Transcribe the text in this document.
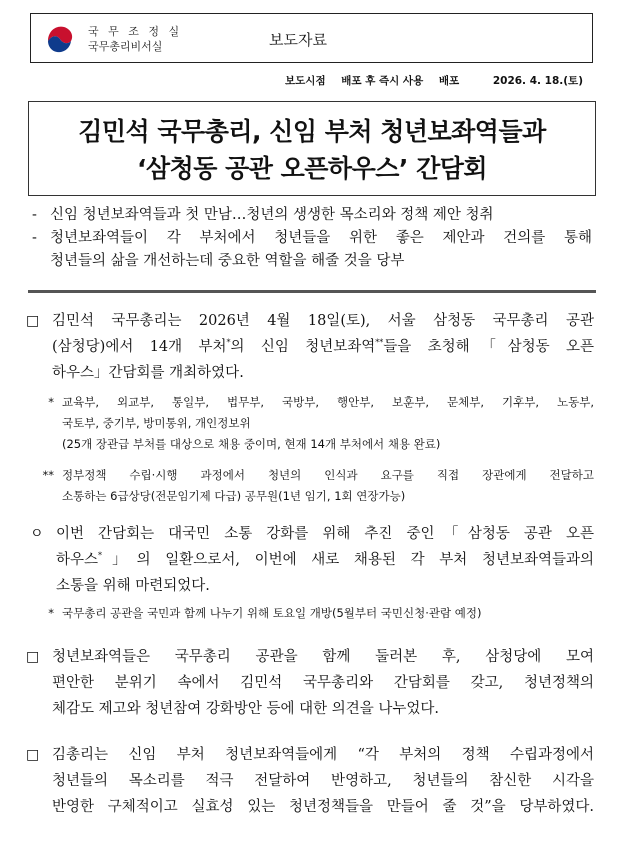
국 무 조 정 실
국무총리비서실	보도자료
보도시점 배포 후 즉시 사용 배포	2026. 4. 18.(토)
김민석 국무총리, 신임 부처 청년보좌역들과
‘삼청동 공관 오픈하우스’ 간담회
- 신임 청년보좌역들과 첫 만남…청년의 생생한 목소리와 정책 제안 청취
- 청년보좌역들이 각 부처에서 청년들을 위한 좋은 제안과 건의를 통해
청년들의 삶을 개선하는데 중요한 역할을 해줄 것을 당부
□ 김민석 국무총리는 2026년 4월 18일(토), 서울 삼청동 국무총리 공관
(삼청당)에서 14개 부처*의 신임 청년보좌역**들을 초청해「삼청동 오픈
하우스」간담회를 개최하였다.
* 교육부, 외교부, 통일부, 법무부, 국방부, 행안부, 보훈부, 문체부, 기후부, 노동부,
국토부, 중기부, 방미통위, 개인정보위
(25개 장관급 부처를 대상으로 채용 중이며, 현재 14개 부처에서 채용 완료)
** 정부정책 수립·시행 과정에서 청년의 인식과 요구를 직접 장관에게 전달하고
소통하는 6급상당(전문임기제 다급) 공무원(1년 임기, 1회 연장가능)
ㅇ 이번 간담회는 대국민 소통 강화를 위해 추진 중인「삼청동 공관 오픈
하우스*」의 일환으로서, 이번에 새로 채용된 각 부처 청년보좌역들과의
소통을 위해 마련되었다.
* 국무총리 공관을 국민과 함께 나누기 위해 토요일 개방(5월부터 국민신청·관람 예정)
□ 청년보좌역들은 국무총리 공관을 함께 둘러본 후, 삼청당에 모여
편안한 분위기 속에서 김민석 국무총리와 간담회를 갖고, 청년정책의
체감도 제고와 청년참여 강화방안 등에 대한 의견을 나누었다.
□ 김총리는 신임 부처 청년보좌역들에게 “각 부처의 정책 수립과정에서
청년들의 목소리를 적극 전달하여 반영하고, 청년들의 참신한 시각을
반영한 구체적이고 실효성 있는 청년정책들을 만들어 줄 것”을 당부하였다.
